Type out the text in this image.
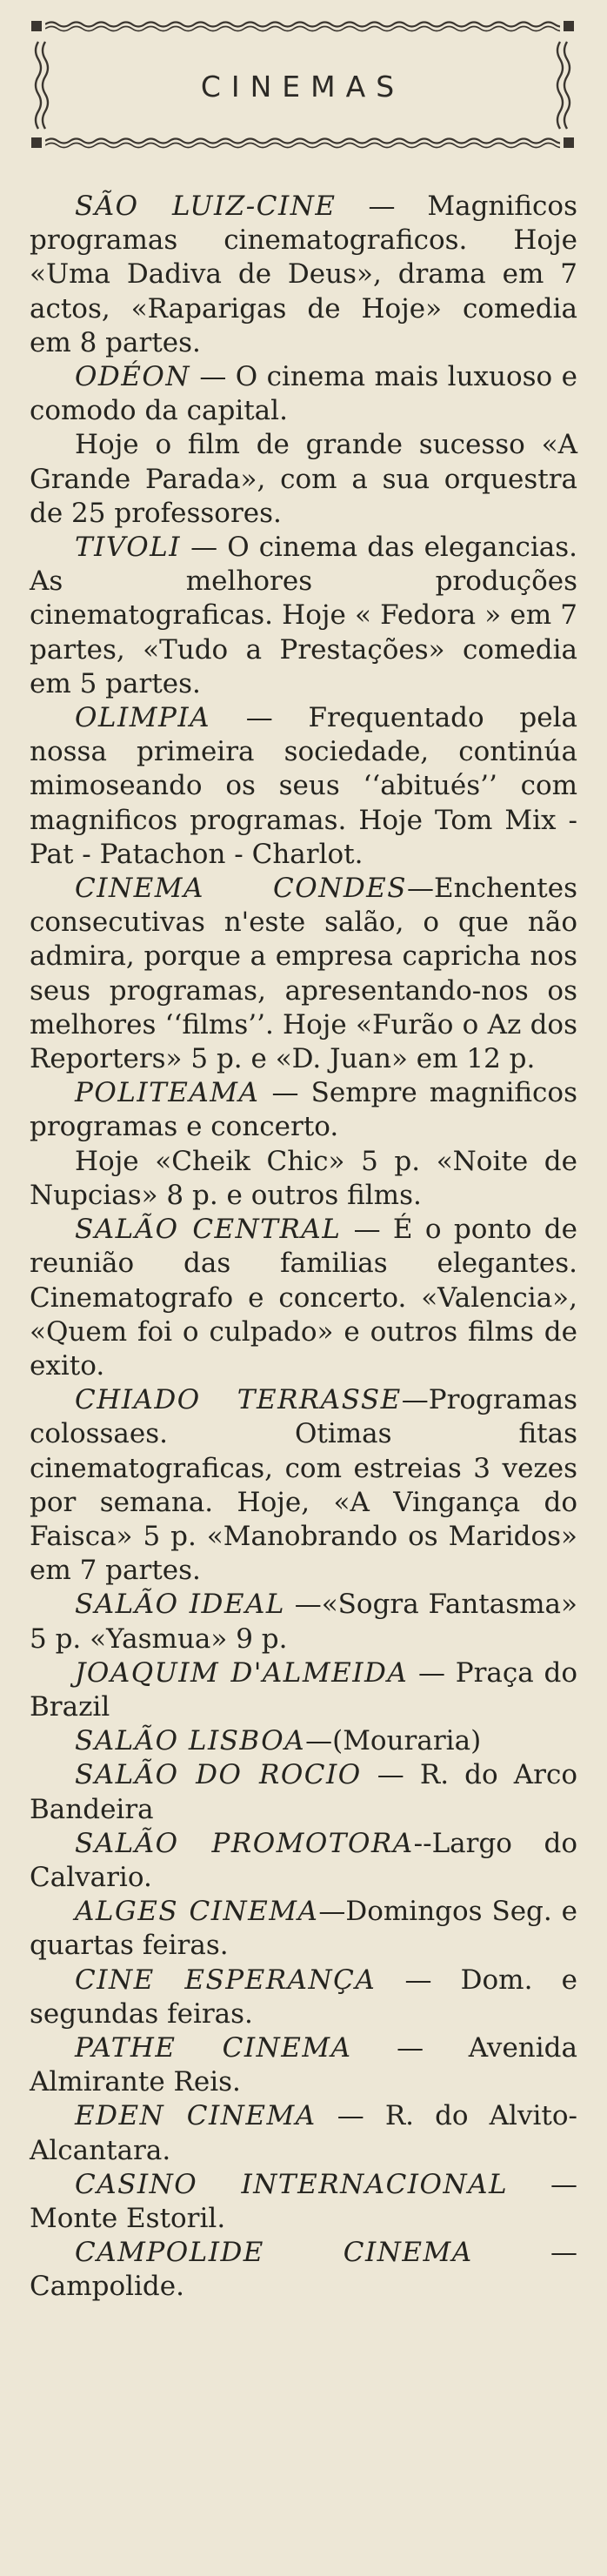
CINEMAS

SÃO LUIZ-CINE — Magnificos programas cinematograficos. Hoje «Uma Dadiva de Deus», drama em 7 actos, «Raparigas de Hoje» comedia em 8 partes.

ODÉON — O cinema mais luxuoso e comodo da capital.

Hoje o film de grande sucesso «A Grande Parada», com a sua orquestra de 25 professores.

TIVOLI — O cinema das elegancias. As melhores produções cinematograficas. Hoje « Fedora » em 7 partes, «Tudo a Prestações» comedia em 5 partes.

OLIMPIA — Frequentado pela nossa primeira sociedade, continúa mimoseando os seus ‘‘abitués’’ com magnificos programas. Hoje Tom Mix - Pat - Patachon - Charlot.

CINEMA CONDES—Enchentes consecutivas n'este salão, o que não admira, porque a empresa capricha nos seus programas, apresentando-nos os melhores ‘‘films’’. Hoje «Furão o Az dos Reporters» 5 p. e «D. Juan» em 12 p.

POLITEAMA — Sempre magnificos programas e concerto.

Hoje «Cheik Chic» 5 p. «Noite de Nupcias» 8 p. e outros films.

SALÃO CENTRAL — É o ponto de reunião das familias elegantes. Cinematografo e concerto. «Valencia», «Quem foi o culpado» e outros films de exito.

CHIADO TERRASSE—Programas colossaes. Otimas fitas cinematograficas, com estreias 3 vezes por semana. Hoje, «A Vingança do Faisca» 5 p. «Manobrando os Maridos» em 7 partes.

SALÃO IDEAL —«Sogra Fantasma» 5 p. «Yasmua» 9 p.

JOAQUIM D'ALMEIDA — Praça do Brazil

SALÃO LISBOA—(Mouraria)

SALÃO DO ROCIO — R. do Arco Bandeira

SALÃO PROMOTORA--Largo do Calvario.

ALGES CINEMA—Domingos Seg. e quartas feiras.

CINE ESPERANÇA — Dom. e segundas feiras.

PATHE CINEMA — Avenida Almirante Reis.

EDEN CINEMA — R. do Alvito-Alcantara.

CASINO INTERNACIONAL — Monte Estoril.

CAMPOLIDE CINEMA — Campolide.
